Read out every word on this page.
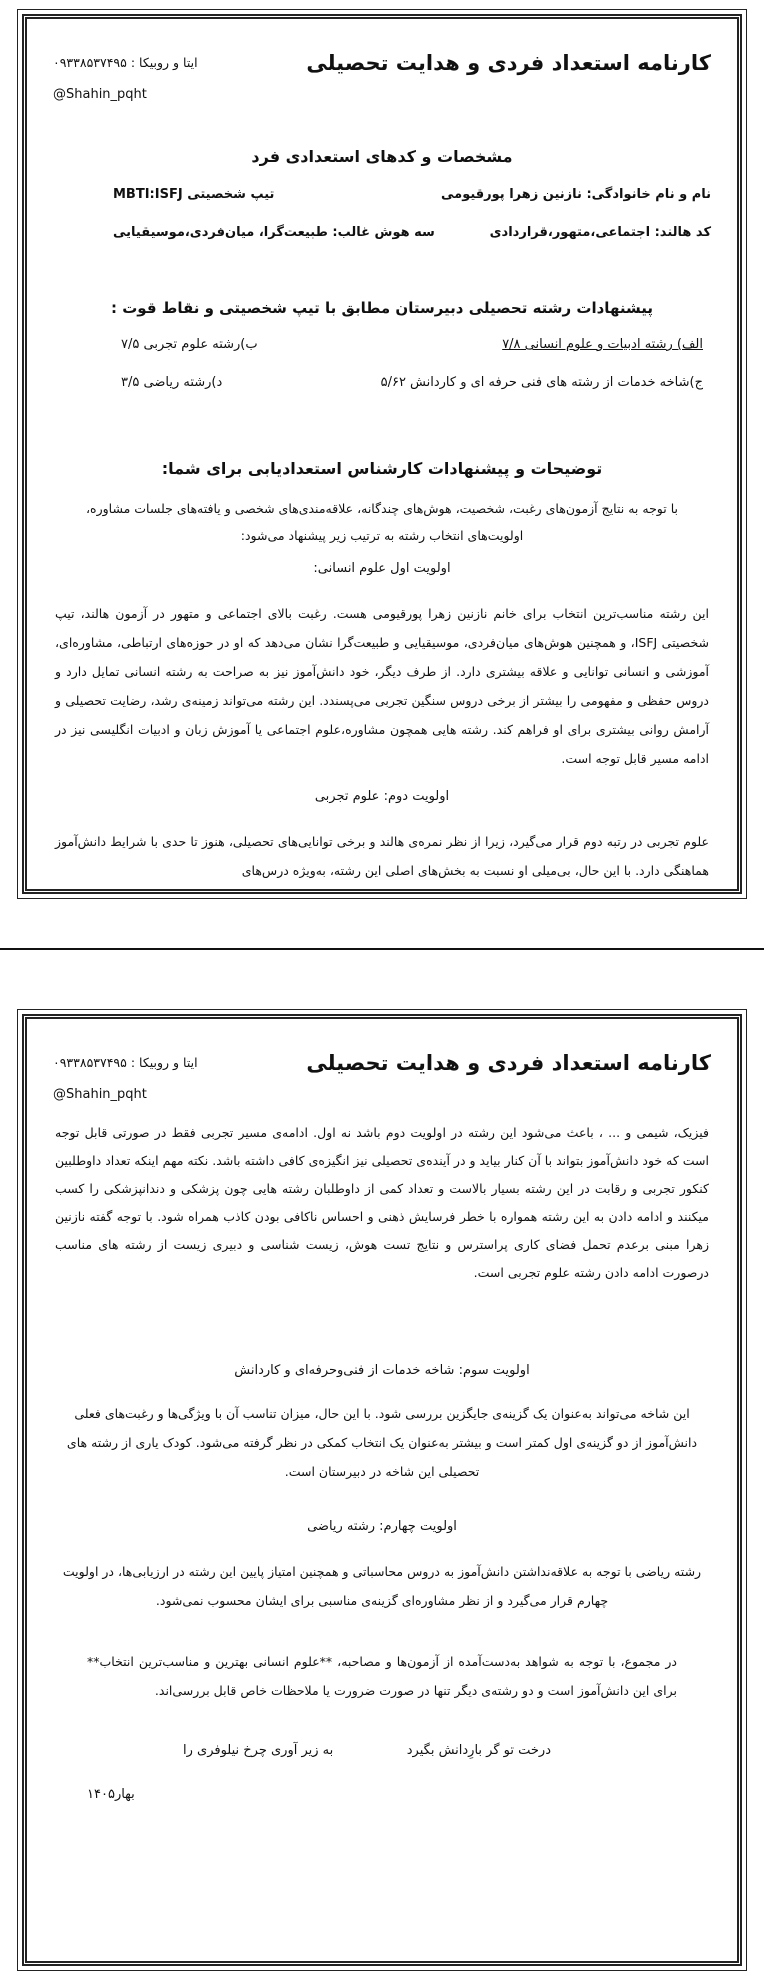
کارنامه استعداد فردی و هدایت تحصیلی
ایتا و روبیکا : ۰۹۳۳۸۵۳۷۴۹۵
@Shahin_pqht
مشخصات و کدهای استعدادی فرد
نام و نام خانوادگی: نازنین زهرا پورقیومی
تیپ شخصیتی MBTI:ISFJ
کد هالند: اجتماعی،متهور،قراردادی
سه هوش غالب: طبیعت‌گرا، میان‌فردی،موسیقیایی
پیشنهادات رشته تحصیلی دبیرستان مطابق با تیپ شخصیتی و نقاط قوت :
الف) رشته ادبیات و علوم انسانی ۷/۸
ب)رشته علوم تجربی ۷/۵
ج)شاخه خدمات از رشته های فنی حرفه ای و کاردانش ۵/۶۲
د)رشته ریاضی ۳/۵
توضیحات و پیشنهادات کارشناس استعدادیابی برای شما:
با توجه به نتایج آزمون‌های رغبت، شخصیت، هوش‌های چندگانه، علاقه‌مندی‌های شخصی و یافته‌های جلسات مشاوره، اولویت‌های انتخاب رشته به ترتیب زیر پیشنهاد می‌شود:
اولویت اول علوم انسانی:
این رشته مناسب‌ترین انتخاب برای خانم نازنین زهرا پورقیومی هست. رغبت بالای اجتماعی و متهور در آزمون هالند، تیپ شخصیتی ISFJ، و همچنین هوش‌های میان‌فردی، موسیقیایی و طبیعت‌گرا نشان می‌دهد که او در حوزه‌های ارتباطی، مشاوره‌ای، آموزشی و انسانی توانایی و علاقه بیشتری دارد. از طرف دیگر، خود دانش‌آموز نیز به صراحت به رشته انسانی تمایل دارد و دروس حفظی و مفهومی را بیشتر از برخی دروس سنگین تجربی می‌پسندد. این رشته می‌تواند زمینه‌ی رشد، رضایت تحصیلی و آرامش روانی بیشتری برای او فراهم کند. رشته هایی همچون مشاوره،علوم اجتماعی یا آموزش زبان و ادبیات انگلیسی نیز در ادامه مسیر قابل توجه است.
اولویت دوم: علوم تجربی
علوم تجربی در رتبه دوم قرار می‌گیرد، زیرا از نظر نمره‌ی هالند و برخی توانایی‌های تحصیلی، هنوز تا حدی با شرایط دانش‌آموز هماهنگی دارد. با این حال، بی‌میلی او نسبت به بخش‌های اصلی این رشته، به‌ویژه درس‌های
کارنامه استعداد فردی و هدایت تحصیلی
ایتا و روبیکا : ۰۹۳۳۸۵۳۷۴۹۵
@Shahin_pqht
فیزیک، شیمی و ... ، باعث می‌شود این رشته در اولویت دوم باشد نه اول. ادامه‌ی مسیر تجربی فقط در صورتی قابل توجه است که خود دانش‌آموز بتواند با آن کنار بیاید و در آینده‌ی تحصیلی نیز انگیزه‌ی کافی داشته باشد. نکته مهم اینکه تعداد داوطلبین کنکور تجربی و رقابت در این رشته بسیار بالاست و تعداد کمی از داوطلبان رشته هایی چون پزشکی و دندانپزشکی را کسب میکنند و ادامه دادن به این رشته همواره با خطر فرسایش ذهنی و احساس ناکافی بودن کاذب همراه شود. با توجه گفته نازنین زهرا مبنی برعدم تحمل فضای کاری پراسترس و نتایج تست هوش، زیست شناسی و دبیری زیست از رشته های مناسب درصورت ادامه دادن رشته علوم تجربی است.
اولویت سوم: شاخه خدمات از فنی‌وحرفه‌ای و کاردانش
این شاخه می‌تواند به‌عنوان یک گزینه‌ی جایگزین بررسی شود. با این حال، میزان تناسب آن با ویژگی‌ها و رغبت‌های فعلی دانش‌آموز از دو گزینه‌ی اول کمتر است و بیشتر به‌عنوان یک انتخاب کمکی در نظر گرفته می‌شود. کودک یاری از رشته های تحصیلی این شاخه در دبیرستان است.
اولویت چهارم: رشته ریاضی
رشته ریاضی با توجه به علاقه‌نداشتن دانش‌آموز به دروس محاسباتی و همچنین امتیاز پایین این رشته در ارزیابی‌ها، در اولویت چهارم قرار می‌گیرد و از نظر مشاوره‌ای گزینه‌ی مناسبی برای ایشان محسوب نمی‌شود.
در مجموع، با توجه به شواهد به‌دست‌آمده از آزمون‌ها و مصاحبه، **علوم انسانی بهترین و مناسب‌ترین انتخاب** برای این دانش‌آموز است و دو رشته‌ی دیگر تنها در صورت ضرورت یا ملاحظات خاص قابل بررسی‌اند.
درخت تو گر بارِدانش بگیرد
به زیر آوری چرخ نیلوفری را
بهار۱۴۰۵
